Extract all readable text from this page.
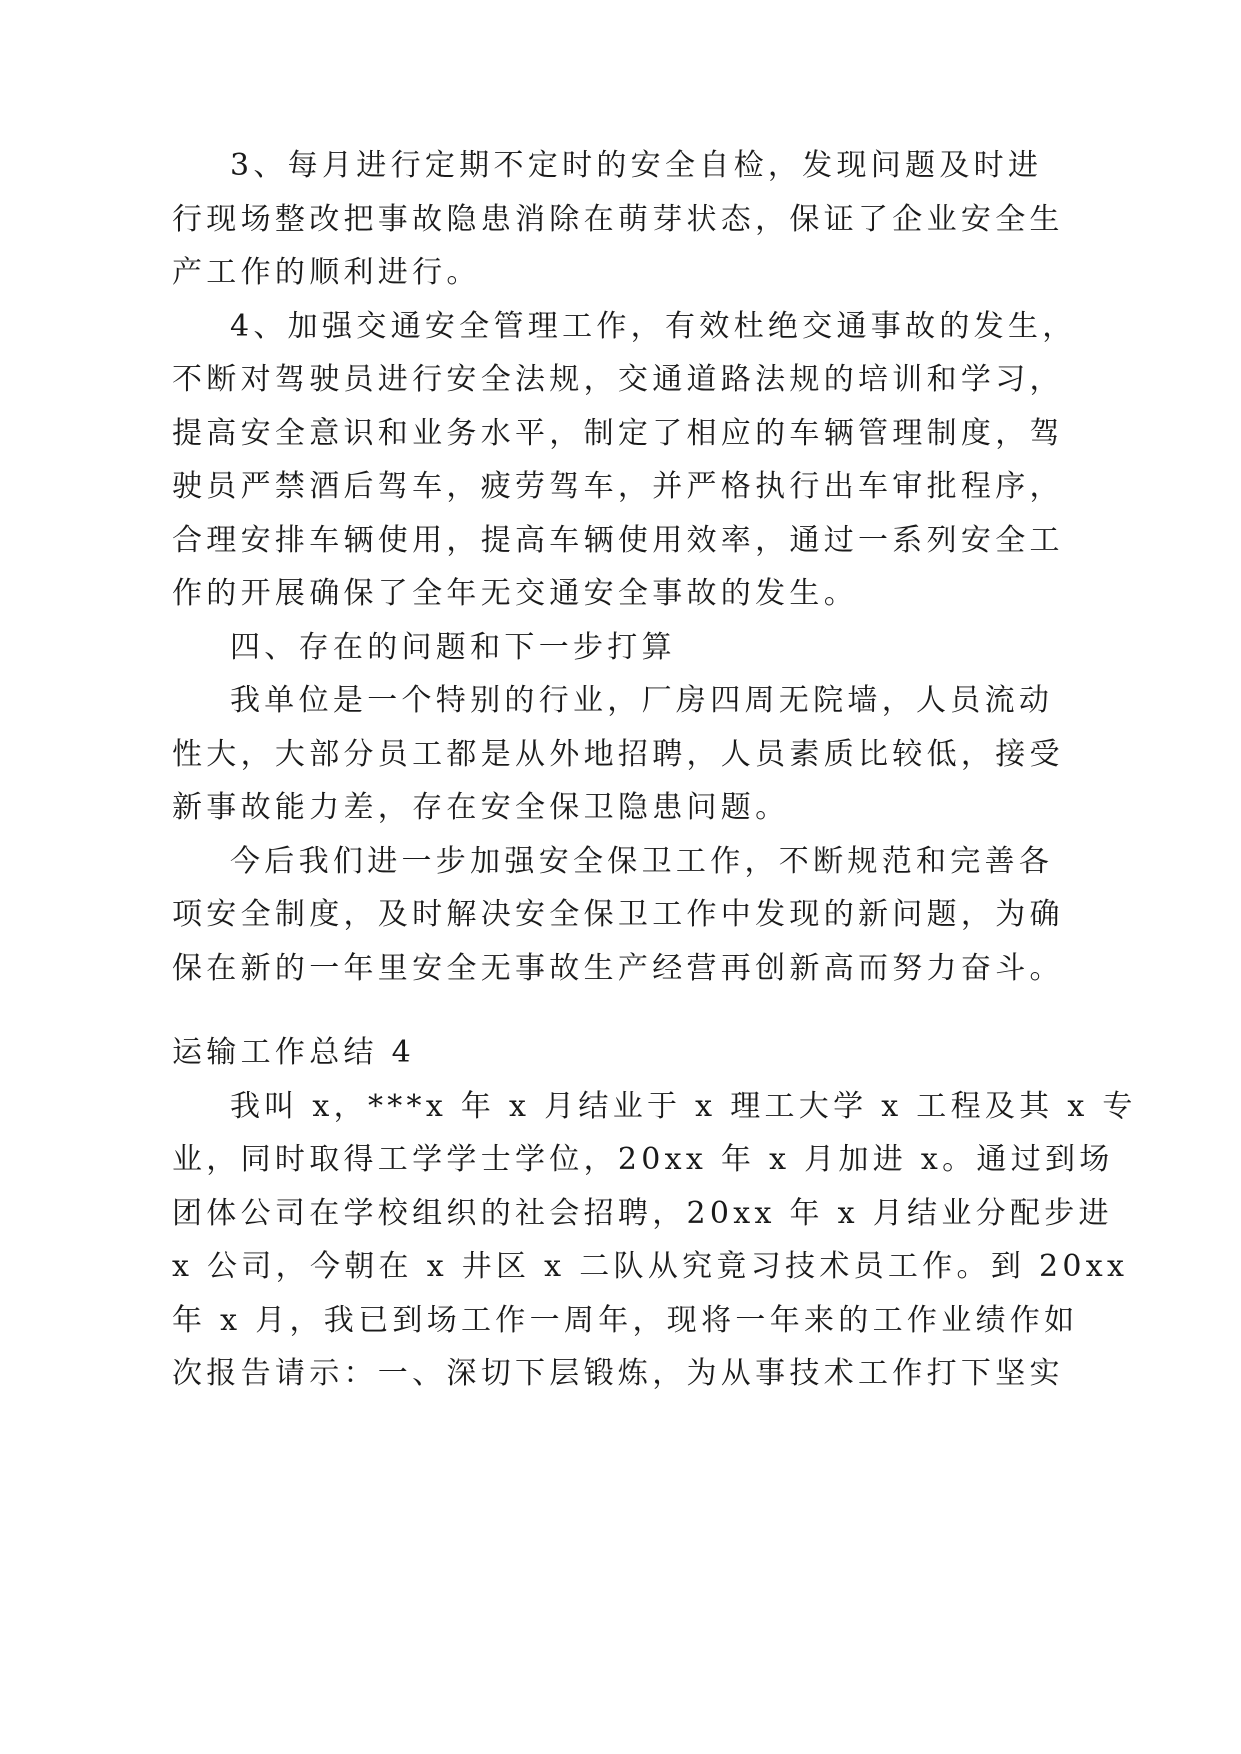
3、每月进行定期不定时的安全自检，发现问题及时进
行现场整改把事故隐患消除在萌芽状态，保证了企业安全生
产工作的顺利进行。
4、加强交通安全管理工作，有效杜绝交通事故的发生，
不断对驾驶员进行安全法规，交通道路法规的培训和学习，
提高安全意识和业务水平，制定了相应的车辆管理制度，驾
驶员严禁酒后驾车，疲劳驾车，并严格执行出车审批程序，
合理安排车辆使用，提高车辆使用效率，通过一系列安全工
作的开展确保了全年无交通安全事故的发生。
四、存在的问题和下一步打算
我单位是一个特别的行业，厂房四周无院墙，人员流动
性大，大部分员工都是从外地招聘，人员素质比较低，接受
新事故能力差，存在安全保卫隐患问题。
今后我们进一步加强安全保卫工作，不断规范和完善各
项安全制度，及时解决安全保卫工作中发现的新问题，为确
保在新的一年里安全无事故生产经营再创新高而努力奋斗。
运输工作总结 4
我叫 x，***x 年 x 月结业于 x 理工大学 x 工程及其 x 专
业，同时取得工学学士学位，20xx 年 x 月加进 x。通过到场
团体公司在学校组织的社会招聘，20xx 年 x 月结业分配步进
x 公司，今朝在 x 井区 x 二队从究竟习技术员工作。到 20xx
年 x 月，我已到场工作一周年，现将一年来的工作业绩作如
次报告请示：一、深切下层锻炼，为从事技术工作打下坚实
